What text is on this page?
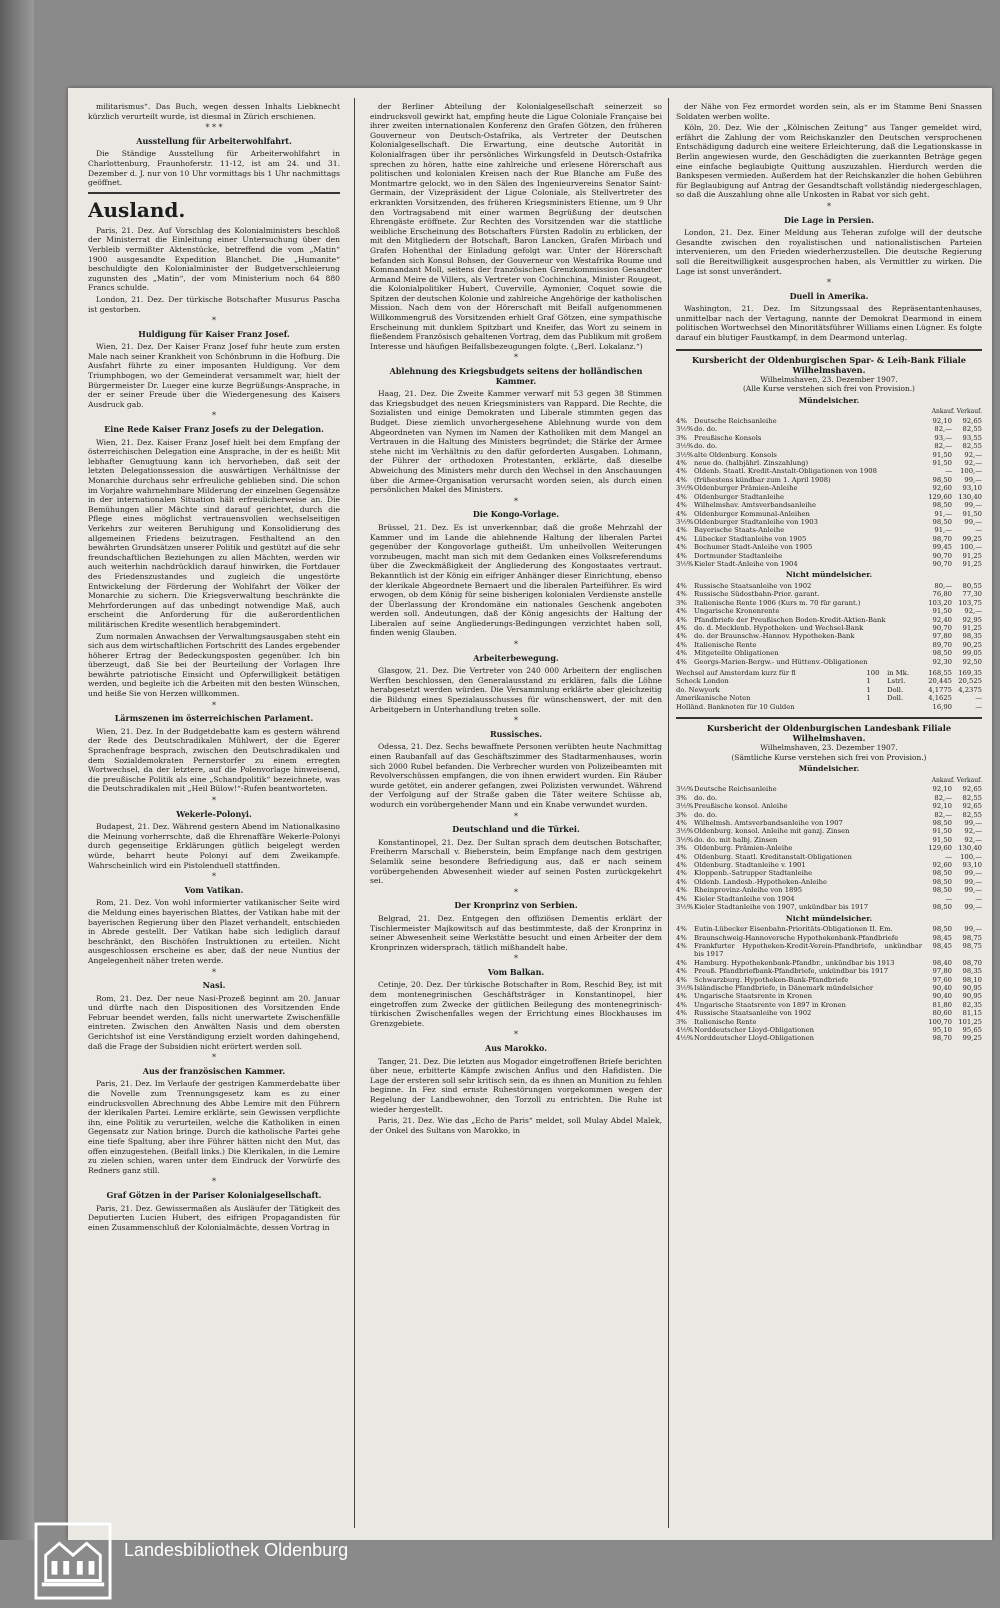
militarismus“. Das Buch, wegen dessen Inhalts Liebknecht kürzlich verurteilt wurde, ist diesmal in Zürich erschienen.

* * *
Ausstellung für Arbeiterwohlfahrt.

Die Ständige Ausstellung für Arbeiterwohlfahrt in Charlottenburg, Fraunhoferstr. 11-12, ist am 24. und 31. Dezember d. J. nur von 10 Uhr vormittags bis 1 Uhr nachmittags geöffnet.

Ausland.

Paris, 21. Dez. Auf Vorschlag des Kolonialministers beschloß der Ministerrat die Einleitung einer Untersuchung über den Verbleib vermißter Aktenstücke, betreffend die vom „Matin“ 1900 ausgesandte Expedition Blanchet. Die „Humanite“ beschuldigte den Kolonialminister der Budgetverschleierung zugunsten des „Matin“, der vom Ministerium noch 64 880 Francs schulde.

London, 21. Dez. Der türkische Botschafter Musurus Pascha ist gestorben.

*
Huldigung für Kaiser Franz Josef.

Wien, 21. Dez. Der Kaiser Franz Josef fuhr heute zum ersten Male nach seiner Krankheit von Schönbrunn in die Hofburg. Die Ausfahrt führte zu einer imposanten Huldigung. Vor dem Triumphbogen, wo der Gemeinderat versammelt war, hielt der Bürgermeister Dr. Lueger eine kurze Begrüßungs-Ansprache, in der er seiner Freude über die Wiedergenesung des Kaisers Ausdruck gab.

*
Eine Rede Kaiser Franz Josefs zu der Delegation.

Wien, 21. Dez. Kaiser Franz Josef hielt bei dem Empfang der österreichischen Delegation eine Ansprache, in der es heißt: Mit lebhafter Genugtuung kann ich hervorheben, daß seit der letzten Delegationssession die auswärtigen Verhältnisse der Monarchie durchaus sehr erfreuliche geblieben sind. Die schon im Vorjahre wahrnehmbare Milderung der einzelnen Gegensätze in der internationalen Situation hält erfreulicherweise an. Die Bemühungen aller Mächte sind darauf gerichtet, durch die Pflege eines möglichst vertrauensvollen wechselseitigen Verkehrs zur weiteren Beruhigung und Konsolidierung des allgemeinen Friedens beizutragen. Festhaltend an den bewährten Grundsätzen unserer Politik und gestützt auf die sehr freundschaftlichen Beziehungen zu allen Mächten, werden wir auch weiterhin nachdrücklich darauf hinwirken, die Fortdauer des Friedenszustandes und zugleich die ungestörte Entwickelung der Förderung der Wohlfahrt der Völker der Monarchie zu sichern. Die Kriegsverwaltung beschränkte die Mehrforderungen auf das unbedingt notwendige Maß, auch erscheint die Anforderung für die außerordentlichen militärischen Kredite wesentlich herabgemindert.

Zum normalen Anwachsen der Verwaltungsausgaben steht ein sich aus dem wirtschaftlichen Fortschritt des Landes ergebender höherer Ertrag der Bedeckungsposten gegenüber. Ich bin überzeugt, daß Sie bei der Beurteilung der Vorlagen Ihre bewährte patriotische Einsicht und Opferwilligkeit betätigen werden, und begleite ich die Arbeiten mit den besten Wünschen, und heiße Sie von Herzen willkommen.

*
Lärmszenen im österreichischen Parlament.

Wien, 21. Dez. In der Budgetdebatte kam es gestern während der Rede des Deutschradikalen Mühlwert, der die Egerer Sprachenfrage besprach, zwischen den Deutschradikalen und dem Sozialdemokraten Pernerstorfer zu einem erregten Wortwechsel, da der letztere, auf die Polenvorlage hinweisend, die preußische Politik als eine „Schandpolitik“ bezeichnete, was die Deutschradikalen mit „Heil Bülow!“-Rufen beantworteten.

*
Wekerle-Polonyi.

Budapest, 21. Dez. Während gestern Abend im Nationalkasino die Meinung vorherrschte, daß die Ehrenaffäre Wekerle-Polonyi durch gegenseitige Erklärungen gütlich beigelegt werden würde, beharrt heute Polonyi auf dem Zweikampfe. Wahrscheinlich wird ein Pistolenduell stattfinden.

*
Vom Vatikan.

Rom, 21. Dez. Von wohl informierter vatikanischer Seite wird die Meldung eines bayerischen Blattes, der Vatikan habe mit der bayerischen Regierung über den Plazet verhandelt, entschieden in Abrede gestellt. Der Vatikan habe sich lediglich darauf beschränkt, den Bischöfen Instruktionen zu erteilen. Nicht ausgeschlossen erscheine es aber, daß der neue Nuntius der Angelegenheit näher treten werde.

*
Nasi.

Rom, 21. Dez. Der neue Nasi-Prozeß beginnt am 20. Januar und dürfte nach den Dispositionen des Vorsitzenden Ende Februar beendet werden, falls nicht unerwartete Zwischenfälle eintreten. Zwischen den Anwälten Nasis und dem obersten Gerichtshof ist eine Verständigung erzielt worden dahingehend, daß die Frage der Subsidien nicht erörtert werden soll.

*
Aus der französischen Kammer.

Paris, 21. Dez. Im Verlaufe der gestrigen Kammerdebatte über die Novelle zum Trennungsgesetz kam es zu einer eindrucksvollen Abrechnung des Abbe Lemire mit den Führern der klerikalen Partei. Lemire erklärte, sein Gewissen verpflichte ihn, eine Politik zu verurteilen, welche die Katholiken in einen Gegensatz zur Nation bringe. Durch die katholische Partei gehe eine tiefe Spaltung, aber ihre Führer hätten nicht den Mut, das offen einzugestehen. (Beifall links.) Die Klerikalen, in die Lemire zu zielen schien, waren unter dem Eindruck der Vorwürfe des Redners ganz still.

*
Graf Götzen in der Pariser Kolonialgesellschaft.

Paris, 21. Dez. Gewissermaßen als Ausläufer der Tätigkeit des Deputierten Lucien Hubert, des eifrigen Propagandisten für einen Zusammenschluß der Kolonialmächte, dessen Vortrag in

der Berliner Abteilung der Kolonialgesellschaft seinerzeit so eindrucksvoll gewirkt hat, empfing heute die Ligue Coloniale Française bei ihrer zweiten internationalen Konferenz den Grafen Götzen, den früheren Gouverneur von Deutsch-Ostafrika, als Vertreter der Deutschen Kolonialgesellschaft. Die Erwartung, eine deutsche Autorität in Kolonialfragen über ihr persönliches Wirkungsfeld in Deutsch-Ostafrika sprechen zu hören, hatte eine zahlreiche und erlesene Hörerschaft aus politischen und kolonialen Kreisen nach der Rue Blanche am Fuße des Montmartre gelockt, wo in den Sälen des Ingenieurvereins Senator Saint-Germain, der Vizepräsident der Ligue Coloniale, als Stellvertreter des erkrankten Vorsitzenden, des früheren Kriegsministers Etienne, um 9 Uhr den Vortragsabend mit einer warmen Begrüßung der deutschen Ehrengäste eröffnete. Zur Rechten des Vorsitzenden war die stattliche weibliche Erscheinung des Botschafters Fürsten Radolin zu erblicken, der mit den Mitgliedern der Botschaft, Baron Lancken, Grafen Mirbach und Grafen Hohenthal der Einladung gefolgt war. Unter der Hörerschaft befanden sich Konsul Bohsen, der Gouverneur von Westafrika Roume und Kommandant Moll, seitens der französischen Grenzkommission Gesandter Armand Meire de Villers, als Vertreter von Cochinchina, Minister Rougeot, die Kolonialpolitiker Hubert, Cuverville, Aymonier, Coquet sowie die Spitzen der deutschen Kolonie und zahlreiche Angehörige der katholischen Mission. Nach dem von der Hörerschaft mit Beifall aufgenommenen Willkommengruß des Vorsitzenden erhielt Graf Götzen, eine sympathische Erscheinung mit dunklem Spitzbart und Kneifer, das Wort zu seinem in fließendem Französisch gehaltenen Vortrag, dem das Publikum mit großem Interesse und häufigen Beifallsbezeugungen folgte. („Berl. Lokalanz.“)

*
Ablehnung des Kriegsbudgets seitens der holländischen Kammer.

Haag, 21. Dez. Die Zweite Kammer verwarf mit 53 gegen 38 Stimmen das Kriegsbudget des neuen Kriegsministers van Rappard. Die Rechte, die Sozialisten und einige Demokraten und Liberale stimmten gegen das Budget. Diese ziemlich unvorhergesehene Ablehnung wurde von dem Abgeordneten van Nymen im Namen der Katholiken mit dem Mangel an Vertrauen in die Haltung des Ministers begründet; die Stärke der Armee stehe nicht im Verhältnis zu den dafür geforderten Ausgaben. Lohmann, der Führer der orthodoxen Protestanten, erklärte, daß dieselbe Abweichung des Ministers mehr durch den Wechsel in den Anschauungen über die Armee-Organisation verursacht worden seien, als durch einen persönlichen Makel des Ministers.

*
Die Kongo-Vorlage.

Brüssel, 21. Dez. Es ist unverkennbar, daß die große Mehrzahl der Kammer und im Lande die ablehnende Haltung der liberalen Partei gegenüber der Kongovorlage gutheißt. Um unheilvollen Weiterungen vorzubeugen, macht man sich mit dem Gedanken eines Volksreferendums über die Zweckmäßigkeit der Angliederung des Kongostaates vertraut. Bekanntlich ist der König ein eifriger Anhänger dieser Einrichtung, ebenso der klerikale Abgeordnete Bernaert und die liberalen Parteiführer. Es wird erwogen, ob dem König für seine bisherigen kolonialen Verdienste anstelle der Überlassung der Krondomäne ein nationales Geschenk angeboten werden soll. Andeutungen, daß der König angesichts der Haltung der Liberalen auf seine Angliederungs-Bedingungen verzichtet haben soll, finden wenig Glauben.

*
Arbeiterbewegung.

Glasgow, 21. Dez. Die Vertreter von 240 000 Arbeitern der englischen Werften beschlossen, den Generalausstand zu erklären, falls die Löhne herabgesetzt werden würden. Die Versammlung erklärte aber gleichzeitig die Bildung eines Spezialausschusses für wünschenswert, der mit den Arbeitgebern in Unterhandlung treten solle.

*
Russisches.

Odessa, 21. Dez. Sechs bewaffnete Personen verübten heute Nachmittag einen Raubanfall auf das Geschäftszimmer des Stadtarmenhauses, worin sich 2000 Rubel befanden. Die Verbrecher wurden von Polizeibeamten mit Revolverschüssen empfangen, die von ihnen erwidert wurden. Ein Räuber wurde getötet, ein anderer gefangen, zwei Polizisten verwundet. Während der Verfolgung auf der Straße gaben die Täter weitere Schüsse ab, wodurch ein vorübergehender Mann und ein Knabe verwundet wurden.

*
Deutschland und die Türkei.

Konstantinopel, 21. Dez. Der Sultan sprach dem deutschen Botschafter, Freiherrn Marschall v. Bieberstein, beim Empfange nach dem gestrigen Selamlik seine besondere Befriedigung aus, daß er nach seinem vorübergehenden Abwesenheit wieder auf seinen Posten zurückgekehrt sei.

*
Der Kronprinz von Serbien.

Belgrad, 21. Dez. Entgegen den offiziösen Dementis erklärt der Tischlermeister Majkowitsch auf das bestimmteste, daß der Kronprinz in seiner Abwesenheit seine Werkstätte besucht und einen Arbeiter der dem Kronprinzen widersprach, tätlich mißhandelt habe.

*
Vom Balkan.

Cetinje, 20. Dez. Der türkische Botschafter in Rom, Reschid Bey, ist mit dem montenegrinischen Geschäftsträger in Konstantinopel, hier eingetroffen zum Zwecke der gütlichen Beilegung des montenegrinisch-türkischen Zwischenfalles wegen der Errichtung eines Blockhauses im Grenzgebiete.

*
Aus Marokko.

Tanger, 21. Dez. Die letzten aus Mogador eingetroffenen Briefe berichten über neue, erbitterte Kämpfe zwischen Anflus und den Hafidisten. Die Lage der ersteren soll sehr kritisch sein, da es ihnen an Munition zu fehlen beginne. In Fez sind ernste Ruhestörungen vorgekommen wegen der Regelung der Landbewohner, den Torzoll zu entrichten. Die Ruhe ist wieder hergestellt.

Paris, 21. Dez. Wie das „Echo de Paris“ meldet, soll Mulay Abdel Malek, der Onkel des Sultans von Marokko, in

der Nähe von Fez ermordet worden sein, als er im Stamme Beni Snassen Soldaten werben wollte.

Köln, 20. Dez. Wie der „Kölnischen Zeitung“ aus Tanger gemeldet wird, erfährt die Zahlung der vom Reichskanzler den Deutschen versprochenen Entschädigung dadurch eine weitere Erleichterung, daß die Legationskasse in Berlin angewiesen wurde, den Geschädigten die zuerkannten Beträge gegen eine einfache beglaubigte Quittung auszuzahlen. Hierdurch werden die Bankspesen vermieden. Außerdem hat der Reichskanzler die hohen Gebühren für Beglaubigung auf Antrag der Gesandtschaft vollständig niedergeschlagen, so daß die Auszahlung ohne alle Unkosten in Rabat vor sich geht.

*
Die Lage in Persien.

London, 21. Dez. Einer Meldung aus Teheran zufolge will der deutsche Gesandte zwischen den royalistischen und nationalistischen Parteien intervenieren, um den Frieden wiederherzustellen. Die deutsche Regierung soll die Bereitwilligkeit ausgesprochen haben, als Vermittler zu wirken. Die Lage ist sonst unverändert.

*
Duell in Amerika.

Washington, 21. Dez. Im Sitzungssaal des Repräsentantenhauses, unmittelbar nach der Vertagung, nannte der Demokrat Dearmond in einem politischen Wortwechsel den Minoritätsführer Williams einen Lügner. Es folgte darauf ein blutiger Faustkampf, in dem Dearmond unterlag.

Kursbericht der Oldenburgischen Spar- & Leih-Bank Filiale Wilhelmshaven.
Wilhelmshaven, 23. Dezember 1907.
(Alle Kurse verstehen sich frei von Provision.)
Mündelsicher.
Ankauf. Verkauf.
4%	Deutsche Reichsanleihe	92,10	92,65
3½%	do. do.	82,—	82,55
3%	Preußische Konsols	93,—	93,55
3½%	do. do.	82,—	82,55
3½%	alte Oldenburg. Konsols	91,50	92,—
4%	neue do. (halbjährl. Zinszahlung)	91,50	92,—
4%	Oldenb. Staatl. Kredit-Anstalt-Obligationen von 1908	—	100,—
4%	(frühestens kündbar zum 1. April 1908)	98,50	99,—
3½%	Oldenburger Prämien-Anleihe	92,60	93,10
4%	Oldenburger Stadtanleihe	129,60	130,40
4%	Wilhelmshav. Amtsverbandsanleihe	98,50	99,—
4%	Oldenburger Kommunal-Anleihen	91,—	91,50
3½%	Oldenburger Stadtanleihe von 1903	98,50	99,—
4%	Bayerische Staats-Anleihe	91,—	—
4%	Lübecker Stadtanleihe von 1905	98,70	99,25
4%	Bochumer Stadt-Anleihe von 1905	99,45	100,—
4%	Dortmunder Stadtanleihe	90,70	91,25
3½%	Kieler Stadt-Anleihe von 1904	90,70	91,25
Nicht mündelsicher.
4%	Russische Staatsanleihe von 1902	80,—	80,55
4%	Russische Südostbahn-Prior. garant.	76,80	77,30
3%	Italienische Rente 1906 (Kurs m. 70 für garant.)	103,20	103,75
4%	Ungarische Kronenrente	91,50	92,—
4%	Pfandbriefe der Preußischen Boden-Kredit-Aktien-Bank	92,40	92,95
4%	do. d. Mecklenb. Hypotheken- und Wechsel-Bank	90,70	91,25
4%	do. der Braunschw.-Hannov. Hypotheken-Bank	97,80	98,35
4%	Italienische Rente	89,70	90,25
4%	Mitgeteilte Obligationen	98,50	99,05
4%	Georgs-Marien-Bergw.- und Hüttenv.-Obligationen	92,30	92,50
Wechsel auf Amsterdam kurz für fl	100	in Mk.	168,55	169,35
Scheck London	1	Lstrl.	20,445	20,525
do. Newyork	1	Doll.	4,1775	4,2375
Amerikanische Noten	1	Doll.	4,1625	—
Holländ. Banknoten für 10 Gulden			16,90	—
Kursbericht der Oldenburgischen Landesbank Filiale Wilhelmshaven.
Wilhelmshaven, 23. Dezember 1907.
(Sämtliche Kurse verstehen sich frei von Provision.)
Mündelsicher.
Ankauf. Verkauf.
3½%	Deutsche Reichsanleihe	92,10	92,65
3%	do. do.	82,—	82,55
3½%	Preußische konsol. Anleihe	92,10	92,65
3%	do. do.	82,—	82,55
4%	Wilhelmsh. Amtsverbandsanleihe von 1907	98,50	99,—
3½%	Oldenburg. konsol. Anleihe mit ganzj. Zinsen	91,50	92,—
3½%	do. do. mit halbj. Zinsen	91,50	92,—
3%	Oldenburg. Prämien-Anleihe	129,60	130,40
4%	Oldenburg. Staatl. Kreditanstalt-Obligationen	—	100,—
4%	Oldenburg. Stadtanleihe v. 1901	92,60	93,10
4%	Kloppenb.-Satrupper Stadtanleihe	98,50	99,—
4%	Oldenb. Landesb.-Hypotheken-Anleihe	98,50	99,—
4%	Rheinprovinz-Anleihe von 1895	98,50	99,—
4%	Kieler Stadtanleihe von 1904	—	—
3½%	Kieler Stadtanleihe von 1907, unkündbar bis 1917	98,50	99,—
Nicht mündelsicher.
4%	Eutin-Lübecker Eisenbahn-Prioritäts-Obligationen II. Em.	98,50	99,—
4%	Braunschweig-Hannoversche Hypothekenbank-Pfandbriefe	98,45	98,75
4%	Frankfurter Hypotheken-Kredit-Verein-Pfandbriefe, unkündbar bis 1917	98,45	98,75
4%	Hamburg. Hypothekenbank-Pfandbr., unkündbar bis 1913	98,40	98,70
4%	Preuß. Pfandbriefbank-Pfandbriefe, unkündbar bis 1917	97,80	98,35
4%	Schwarzburg. Hypotheken-Bank-Pfandbriefe	97,60	98,10
3½%	Isländische Pfandbriefe, in Dänemark mündelsicher	90,40	90,95
4%	Ungarische Staatsrente in Kronen	90,40	90,95
4%	Ungarische Staatsrente von 1897 in Kronen	81,80	82,35
4%	Russische Staatsanleihe von 1902	80,60	81,15
3%	Italienische Rente	100,70	101,25
4½%	Norddeutscher Lloyd-Obligationen	95,10	95,65
4½%	Norddeutscher Lloyd-Obligationen	98,70	99,25
Landesbibliothek Oldenburg
